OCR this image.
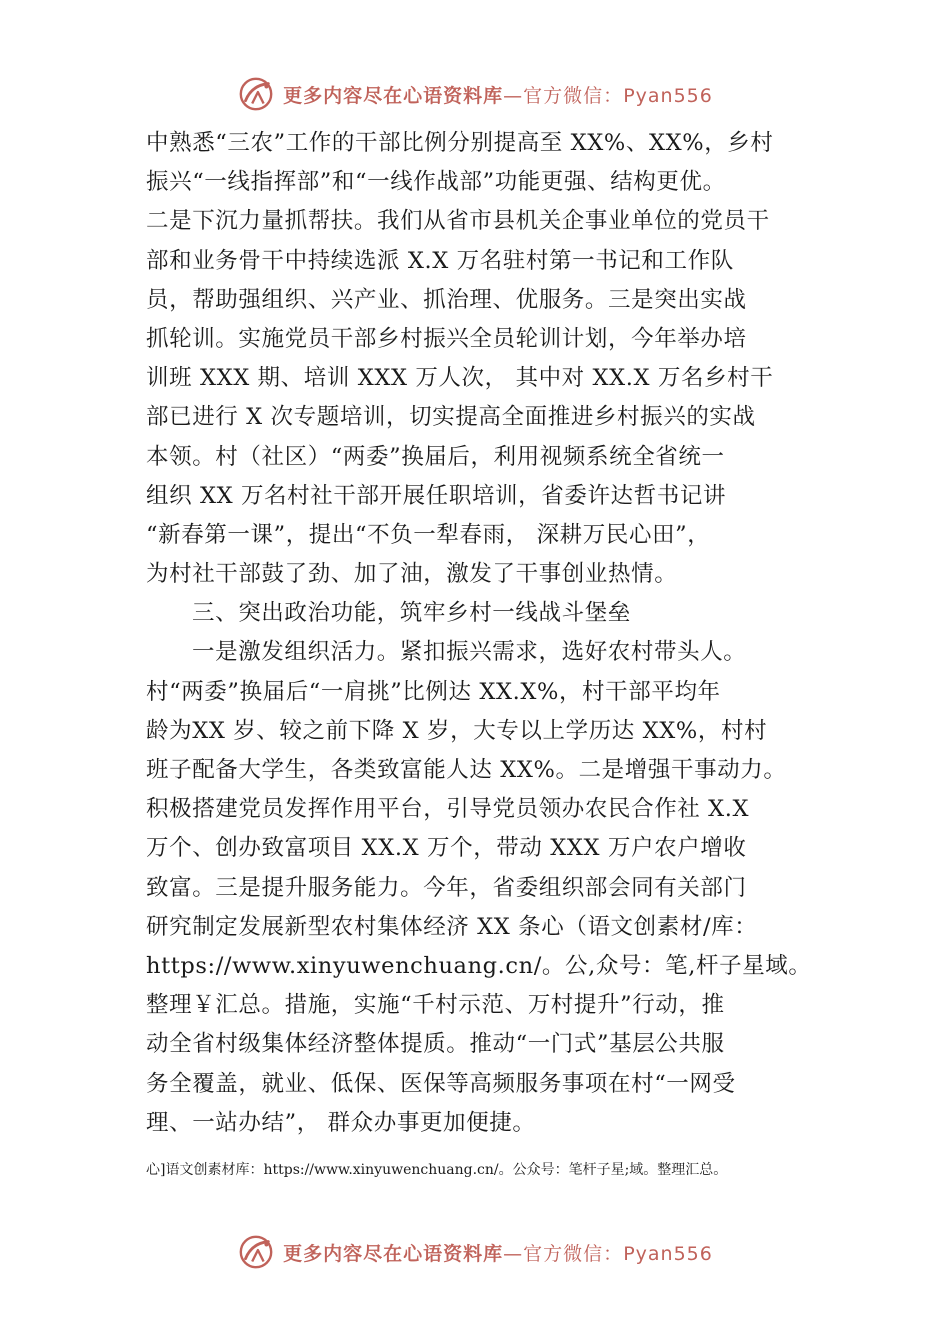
更多内容尽在心语资料库—官方微信：Pyan556
中熟悉“三农”工作的干部比例分别提高至 XX%、XX%，乡村
振兴“一线指挥部”和“一线作战部”功能更强、结构更优。
二是下沉力量抓帮扶。我们从省市县机关企事业单位的党员干
部和业务骨干中持续选派 X.X 万名驻村第一书记和工作队
员，帮助强组织、兴产业、抓治理、优服务。三是突出实战
抓轮训。实施党员干部乡村振兴全员轮训计划，今年举办培
训班 XXX 期、培训 XXX 万人次， 其中对 XX.X 万名乡村干
部已进行 X 次专题培训，切实提高全面推进乡村振兴的实战
本领。村（社区）“两委”换届后，利用视频系统全省统一
组织 XX 万名村社干部开展任职培训，省委许达哲书记讲
“新春第一课”，提出“不负一犁春雨， 深耕万民心田”，
为村社干部鼓了劲、加了油，激发了干事创业热情。
三、突出政治功能，筑牢乡村一线战斗堡垒
一是激发组织活力。紧扣振兴需求，选好农村带头人。
村“两委”换届后“一肩挑”比例达 XX.X%，村干部平均年
龄为XX 岁、较之前下降 X 岁，大专以上学历达 XX%，村村
班子配备大学生，各类致富能人达 XX%。二是增强干事动力。
积极搭建党员发挥作用平台，引导党员领办农民合作社 X.X
万个、创办致富项目 XX.X 万个，带动 XXX 万户农户增收
致富。三是提升服务能力。今年，省委组织部会同有关部门
研究制定发展新型农村集体经济 XX 条心（语文创素材/库：
https://www.xinyuwenchuang.cn/。公,众号：笔,杆子星域。
整理￥汇总。措施，实施“千村示范、万村提升”行动，推
动全省村级集体经济整体提质。推动“一门式”基层公共服
务全覆盖，就业、低保、医保等高频服务事项在村“一网受
理、一站办结”， 群众办事更加便捷。
心]语文创素材库：https://www.xinyuwenchuang.cn/。公众号：笔杆子星;域。整理汇总。
更多内容尽在心语资料库—官方微信：Pyan556
